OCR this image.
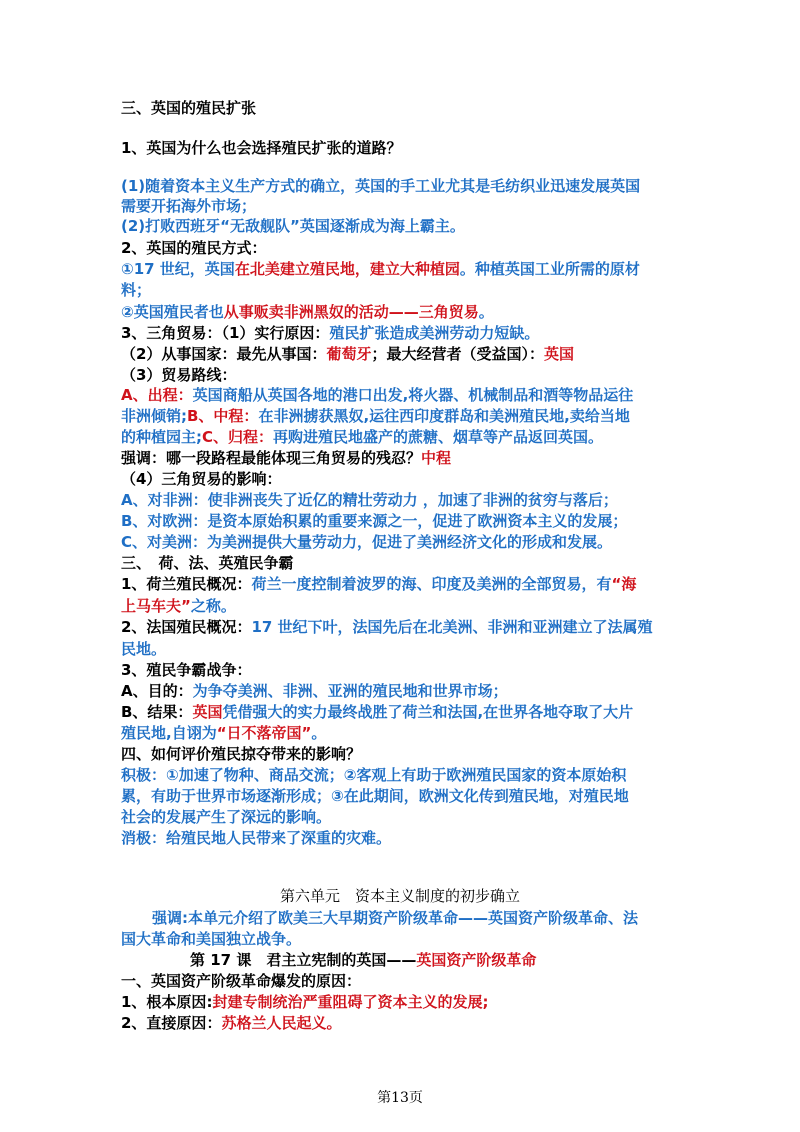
三、英国的殖民扩张
1、英国为什么也会选择殖民扩张的道路？
(1)随着资本主义生产方式的确立，英国的手工业尤其是毛纺织业迅速发展英国
需要开拓海外市场；
(2)打败西班牙“无敌舰队”英国逐渐成为海上霸主。
2、英国的殖民方式：
①17 世纪，英国在北美建立殖民地，建立大种植园。种植英国工业所需的原材
料；
②英国殖民者也从事贩卖非洲黑奴的活动——三角贸易。
3、三角贸易：（1）实行原因：殖民扩张造成美洲劳动力短缺。
（2）从事国家：最先从事国：葡萄牙；最大经营者（受益国）：英国
（3）贸易路线：
A、出程：英国商船从英国各地的港口出发,将火器、机械制品和酒等物品运往
非洲倾销;B、中程：在非洲掳获黑奴,运往西印度群岛和美洲殖民地,卖给当地
的种植园主;C、归程：再购进殖民地盛产的蔗糖、烟草等产品返回英国。
强调：哪一段路程最能体现三角贸易的残忍？中程
（4）三角贸易的影响：
A、对非洲：使非洲丧失了近亿的精壮劳动力 ，加速了非洲的贫穷与落后；
B、对欧洲：是资本原始积累的重要来源之一，促进了欧洲资本主义的发展；
C、对美洲：为美洲提供大量劳动力，促进了美洲经济文化的形成和发展。
三、　荷、法、英殖民争霸
1、荷兰殖民概况：荷兰一度控制着波罗的海、印度及美洲的全部贸易，有“海
上马车夫”之称。
2、法国殖民概况：17 世纪下叶，法国先后在北美洲、非洲和亚洲建立了法属殖
民地。
3、殖民争霸战争：
A、目的：为争夺美洲、非洲、亚洲的殖民地和世界市场；
B、结果：英国凭借强大的实力最终战胜了荷兰和法国,在世界各地夺取了大片
殖民地,自诩为“日不落帝国”。
四、如何评价殖民掠夺带来的影响？
积极：①加速了物种、商品交流；②客观上有助于欧洲殖民国家的资本原始积
累，有助于世界市场逐渐形成；③在此期间，欧洲文化传到殖民地，对殖民地
社会的发展产生了深远的影响。
消极：给殖民地人民带来了深重的灾难。
第六单元　资本主义制度的初步确立
强调:本单元介绍了欧美三大早期资产阶级革命——英国资产阶级革命、法
国大革命和美国独立战争。
第 17 课　君主立宪制的英国——英国资产阶级革命
一、英国资产阶级革命爆发的原因：
1、根本原因:封建专制统治严重阻碍了资本主义的发展;
2、直接原因：苏格兰人民起义。
第13页
